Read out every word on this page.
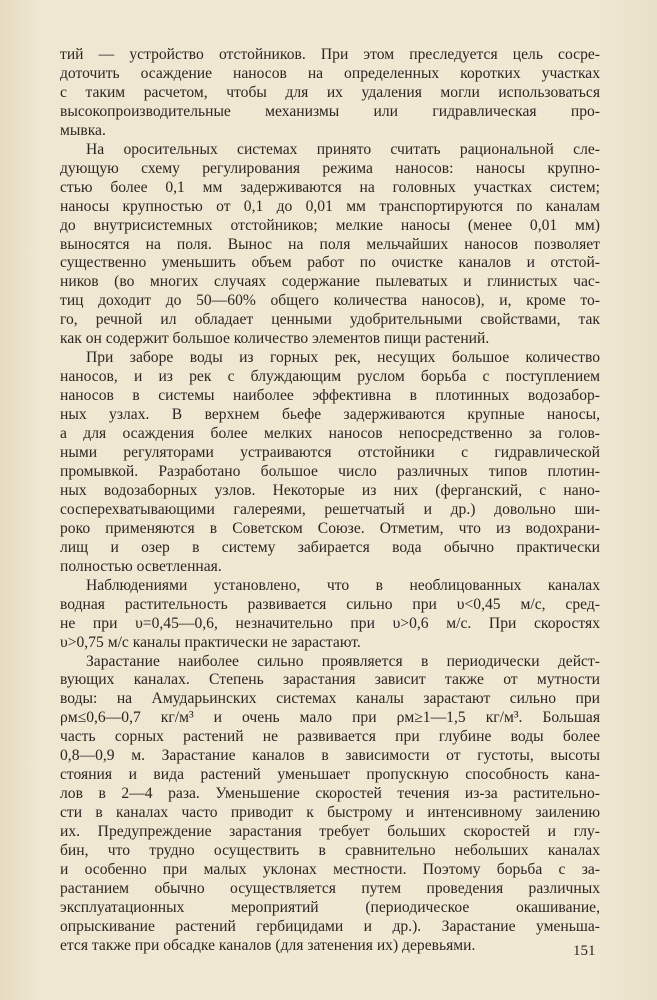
тий — устройство отстойников. При этом преследуется цель сосре-
доточить осаждение наносов на определенных коротких участках
с таким расчетом, чтобы для их удаления могли использоваться
высокопроизводительные механизмы или гидравлическая про-
мывка.

На оросительных системах принято считать рациональной сле-
дующую схему регулирования режима наносов: наносы крупно-
стью более 0,1 мм задерживаются на головных участках систем;
наносы крупностью от 0,1 до 0,01 мм транспортируются по каналам
до внутрисистемных отстойников; мелкие наносы (менее 0,01 мм)
выносятся на поля. Вынос на поля мельчайших наносов позволяет
существенно уменьшить объем работ по очистке каналов и отстой-
ников (во многих случаях содержание пылеватых и глинистых час-
тиц доходит до 50—60% общего количества наносов), и, кроме то-
го, речной ил обладает ценными удобрительными свойствами, так
как он содержит большое количество элементов пищи растений.

При заборе воды из горных рек, несущих большое количество
наносов, и из рек с блуждающим руслом борьба с поступлением
наносов в системы наиболее эффективна в плотинных водозабор-
ных узлах. В верхнем бьефе задерживаются крупные наносы,
а для осаждения более мелких наносов непосредственно за голов-
ными регуляторами устраиваются отстойники с гидравлической
промывкой. Разработано большое число различных типов плотин-
ных водозаборных узлов. Некоторые из них (ферганский, с нано-
сосперехватывающими галереями, решетчатый и др.) довольно ши-
роко применяются в Советском Союзе. Отметим, что из водохрани-
лищ и озер в систему забирается вода обычно практически
полностью осветленная.

Наблюдениями установлено, что в необлицованных каналах
водная растительность развивается сильно при υ<0,45 м/с, сред-
не при υ=0,45—0,6, незначительно при υ>0,6 м/с. При скоростях
υ>0,75 м/с каналы практически не зарастают.

Зарастание наиболее сильно проявляется в периодически дейст-
вующих каналах. Степень зарастания зависит также от мутности
воды: на Амударьинских системах каналы зарастают сильно при
ρм≤0,6—0,7 кг/м³ и очень мало при ρм≥1—1,5 кг/м³. Большая
часть сорных растений не развивается при глубине воды более
0,8—0,9 м. Зарастание каналов в зависимости от густоты, высоты
стояния и вида растений уменьшает пропускную способность кана-
лов в 2—4 раза. Уменьшение скоростей течения из-за растительно-
сти в каналах часто приводит к быстрому и интенсивному заилению
их. Предупреждение зарастания требует больших скоростей и глу-
бин, что трудно осуществить в сравнительно небольших каналах
и особенно при малых уклонах местности. Поэтому борьба с за-
растанием обычно осуществляется путем проведения различных
эксплуатационных мероприятий (периодическое окашивание,
опрыскивание растений гербицидами и др.). Зарастание уменьша-
ется также при обсадке каналов (для затенения их) деревьями.	151
